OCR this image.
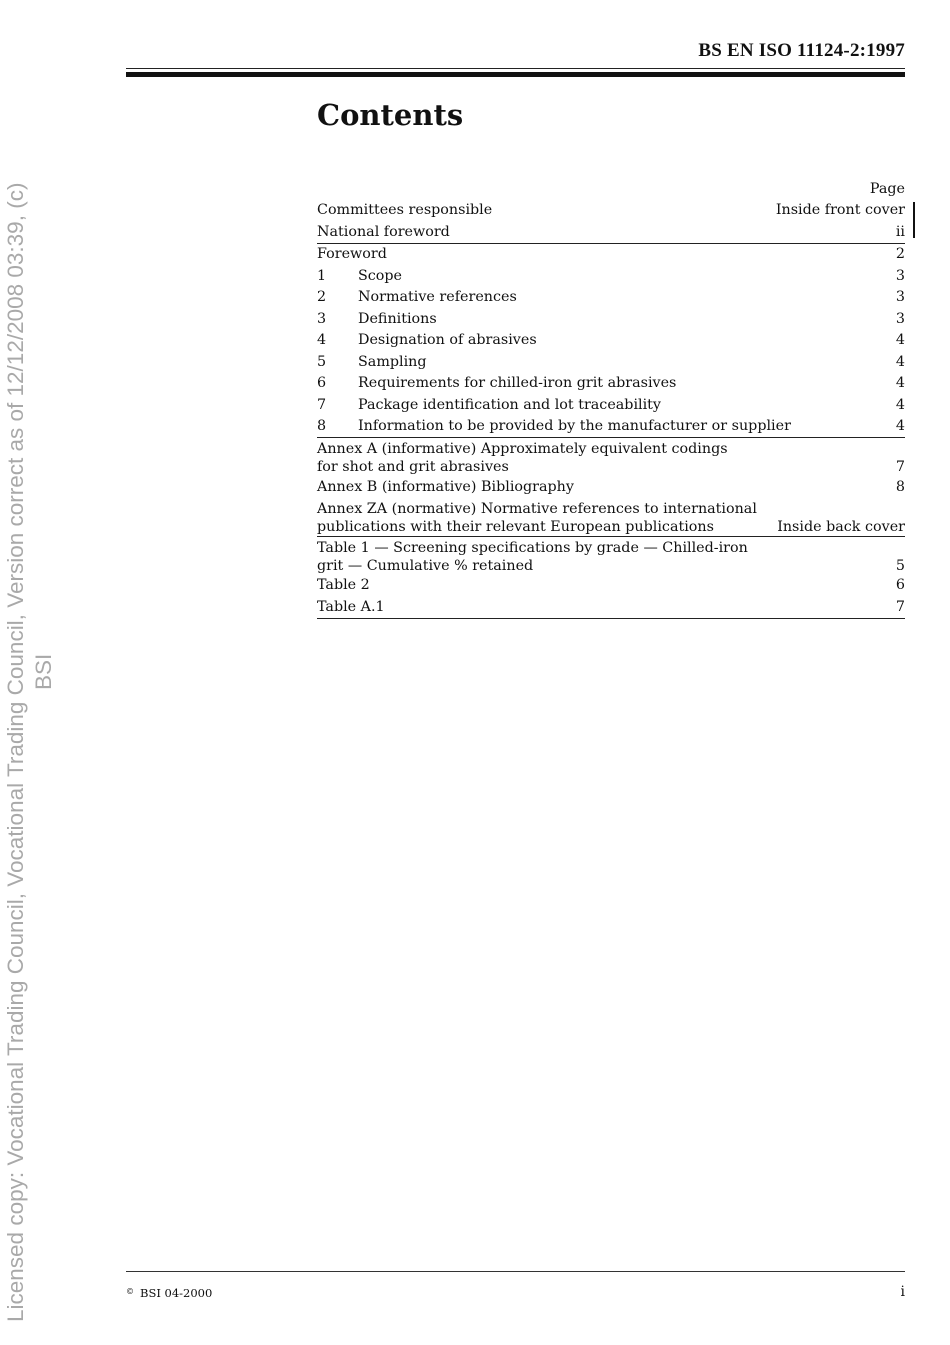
Licensed copy: Vocational Trading Council, Vocational Trading Council, Version correct as of 12/12/2008 03:39, (c) BSI
BS EN ISO 11124-2:1997
Contents
Page
Committees responsible	Inside front cover
National foreword	ii
Foreword	2
1	Scope	3
2	Normative references	3
3	Definitions	3
4	Designation of abrasives	4
5	Sampling	4
6	Requirements for chilled-iron grit abrasives	4
7	Package identification and lot traceability	4
8	Information to be provided by the manufacturer or supplier	4
Annex A (informative) Approximately equivalent codings
for shot and grit abrasives	7
Annex B (informative) Bibliography	8
Annex ZA (normative) Normative references to international
publications with their relevant European publications	Inside back cover
Table 1 — Screening specifications by grade — Chilled-iron
grit — Cumulative % retained	5
Table 2	6
Table A.1	7
© BSI 04-2000	i
